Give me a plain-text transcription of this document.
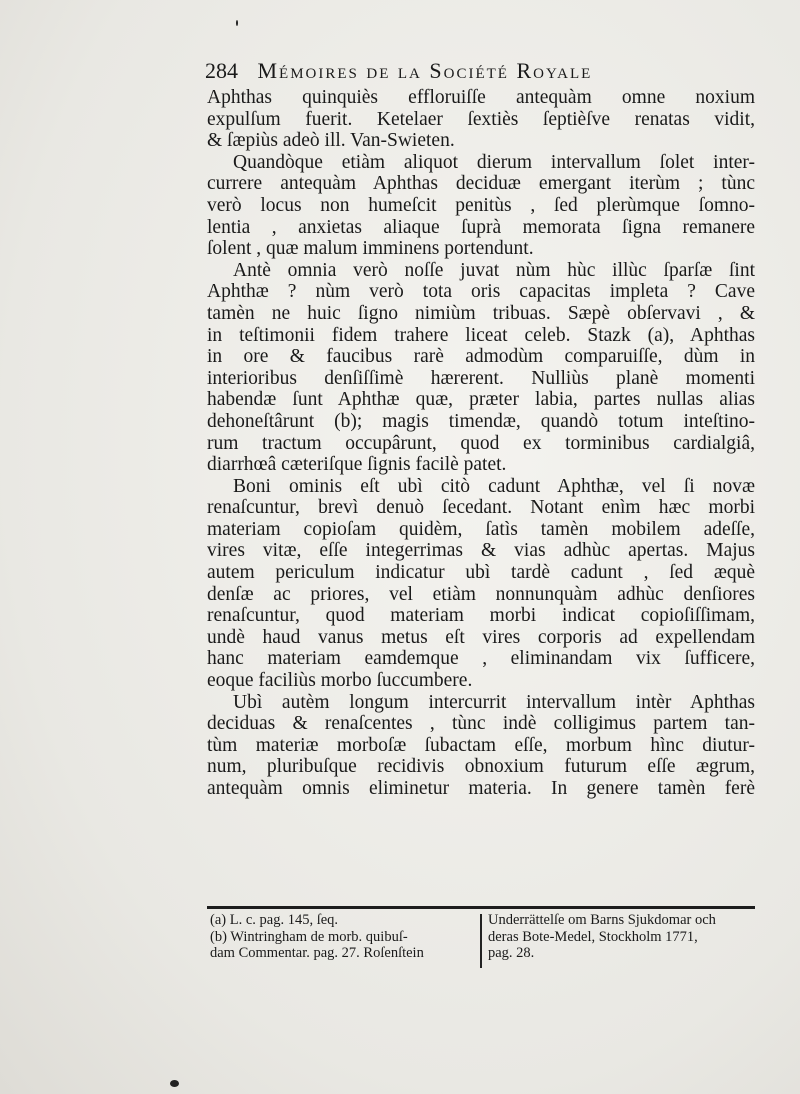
284 Mémoires de la Société Royale
Aphthas quinquiès effloruiſſe antequàm omne noxium
expulſum fuerit. Ketelaer ſextiès ſeptièſve renatas vidit,
& ſæpiùs adeò ill. Van-Swieten.
Quandòque etiàm aliquot dierum intervallum ſolet inter-
currere antequàm Aphthas deciduæ emergant iterùm ; tùnc
verò locus non humeſcit penitùs , ſed plerùmque ſomno-
lentia , anxietas aliaque ſuprà memorata ſigna remanere
ſolent , quæ malum imminens portendunt.
Antè omnia verò noſſe juvat nùm hùc illùc ſparſæ ſint
Aphthæ ? nùm verò tota oris capacitas impleta ? Cave
tamèn ne huic ſigno nimiùm tribuas. Sæpè obſervavi , &
in teſtimonii fidem trahere liceat celeb. Stazk (a), Aphthas
in ore & faucibus rarè admodùm comparuiſſe, dùm in
interioribus denſiſſimè hærerent. Nulliùs planè momenti
habendæ ſunt Aphthæ quæ, præter labia, partes nullas alias
dehoneſtârunt (b); magis timendæ, quandò totum inteſtino-
rum tractum occupârunt, quod ex torminibus cardialgiâ,
diarrhœâ cæteriſque ſignis facilè patet.
Boni ominis eſt ubì citò cadunt Aphthæ, vel ſi novæ
renaſcuntur, brevì denuò ſecedant. Notant enìm hæc morbi
materiam copioſam quidèm, ſatìs tamèn mobilem adeſſe,
vires vitæ, eſſe integerrimas & vias adhùc apertas. Majus
autem periculum indicatur ubì tardè cadunt , ſed æquè
denſæ ac priores, vel etiàm nonnunquàm adhùc denſiores
renaſcuntur, quod materiam morbi indicat copioſiſſimam,
undè haud vanus metus eſt vires corporis ad expellendam
hanc materiam eamdemque , eliminandam vix ſufficere,
eoque faciliùs morbo ſuccumbere.
Ubì autèm longum intercurrit intervallum intèr Aphthas
deciduas & renaſcentes , tùnc indè colligimus partem tan-
tùm materiæ morboſæ ſubactam eſſe, morbum hìnc diutur-
num, pluribuſque recidivis obnoxium futurum eſſe ægrum,
antequàm omnis eliminetur materia. In genere tamèn ferè
(a) L. c. pag. 145, ſeq.
(b) Wintringham de morb. quibuſ-
dam Commentar. pag. 27. Roſenſtein
Underrättelſe om Barns Sjukdomar och
deras Bote-Medel, Stockholm 1771,
pag. 28.
